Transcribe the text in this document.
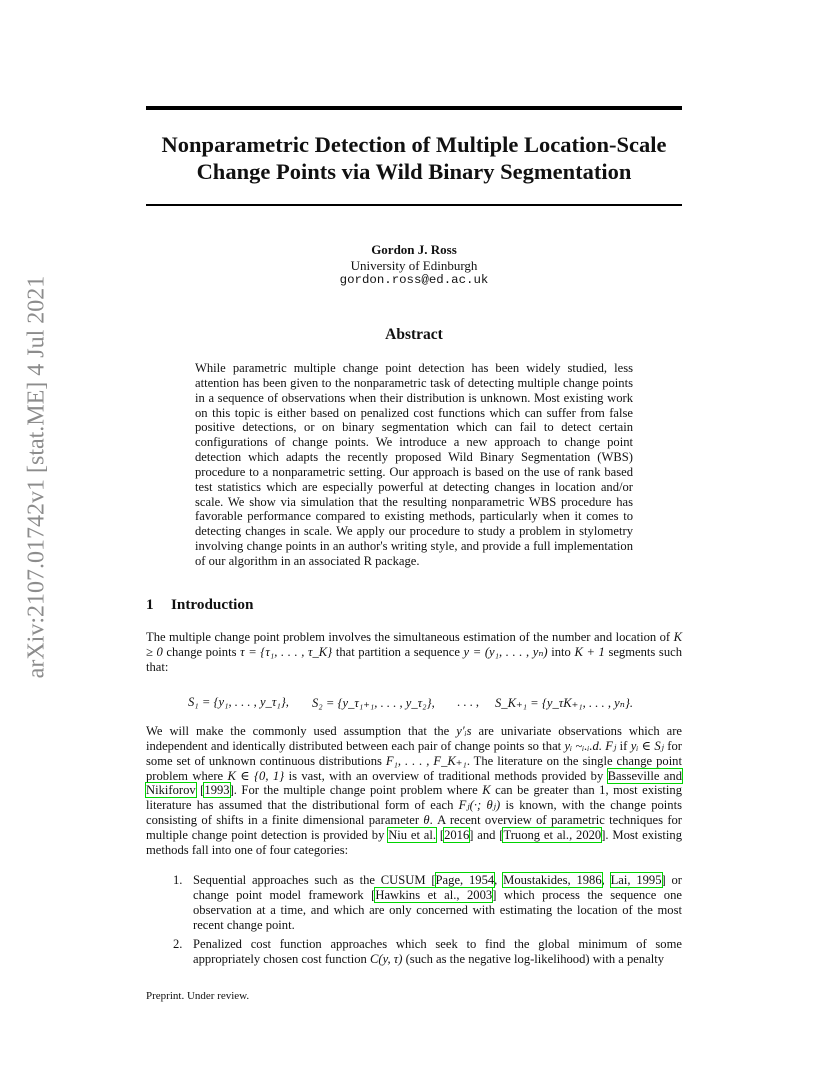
arXiv:2107.01742v1 [stat.ME] 4 Jul 2021
Nonparametric Detection of Multiple Location-Scale
Change Points via Wild Binary Segmentation
Gordon J. Ross
University of Edinburgh
gordon.ross@ed.ac.uk
Abstract

While parametric multiple change point detection has been widely studied, less attention has been given to the nonparametric task of detecting multiple change points in a sequence of observations when their distribution is unknown. Most existing work on this topic is either based on penalized cost functions which can suffer from false positive detections, or on binary segmentation which can fail to detect certain configurations of change points. We introduce a new approach to change point detection which adapts the recently proposed Wild Binary Segmentation (WBS) procedure to a nonparametric setting. Our approach is based on the use of rank based test statistics which are especially powerful at detecting changes in location and/or scale. We show via simulation that the resulting nonparametric WBS procedure has favorable performance compared to existing methods, particularly when it comes to detecting changes in scale. We apply our procedure to study a problem in stylometry involving change points in an author's writing style, and provide a full implementation of our algorithm in an associated R package.

1 Introduction

The multiple change point problem involves the simultaneous estimation of the number and location of K ≥ 0 change points τ = {τ₁, . . . , τ_K} that partition a sequence y = (y₁, . . . , yₙ) into K + 1 segments such that:

S₁ = {y₁, . . . , y_τ₁}, S₂ = {y_τ₁₊₁, . . . , y_τ₂}, . . . , S_K₊₁ = {y_τK₊₁, . . . , yₙ}.

We will make the commonly used assumption that the y′ᵢs are univariate observations which are independent and identically distributed between each pair of change points so that yᵢ ~ᵢ.ᵢ.d. Fⱼ if yᵢ ∈ Sⱼ for some set of unknown continuous distributions F₁, . . . , F_K₊₁. The literature on the single change point problem where K ∈ {0, 1} is vast, with an overview of traditional methods provided by Basseville and Nikiforov [1993]. For the multiple change point problem where K can be greater than 1, most existing literature has assumed that the distributional form of each Fⱼ(·; θⱼ) is known, with the change points consisting of shifts in a finite dimensional parameter θ. A recent overview of parametric techniques for multiple change point detection is provided by Niu et al. [2016] and [Truong et al., 2020]. Most existing methods fall into one of four categories:

1. Sequential approaches such as the CUSUM [Page, 1954, Moustakides, 1986, Lai, 1995] or change point model framework [Hawkins et al., 2003] which process the sequence one observation at a time, and which are only concerned with estimating the location of the most recent change point.
2. Penalized cost function approaches which seek to find the global minimum of some appropriately chosen cost function C(y, τ) (such as the negative log-likelihood) with a penalty

Preprint. Under review.
